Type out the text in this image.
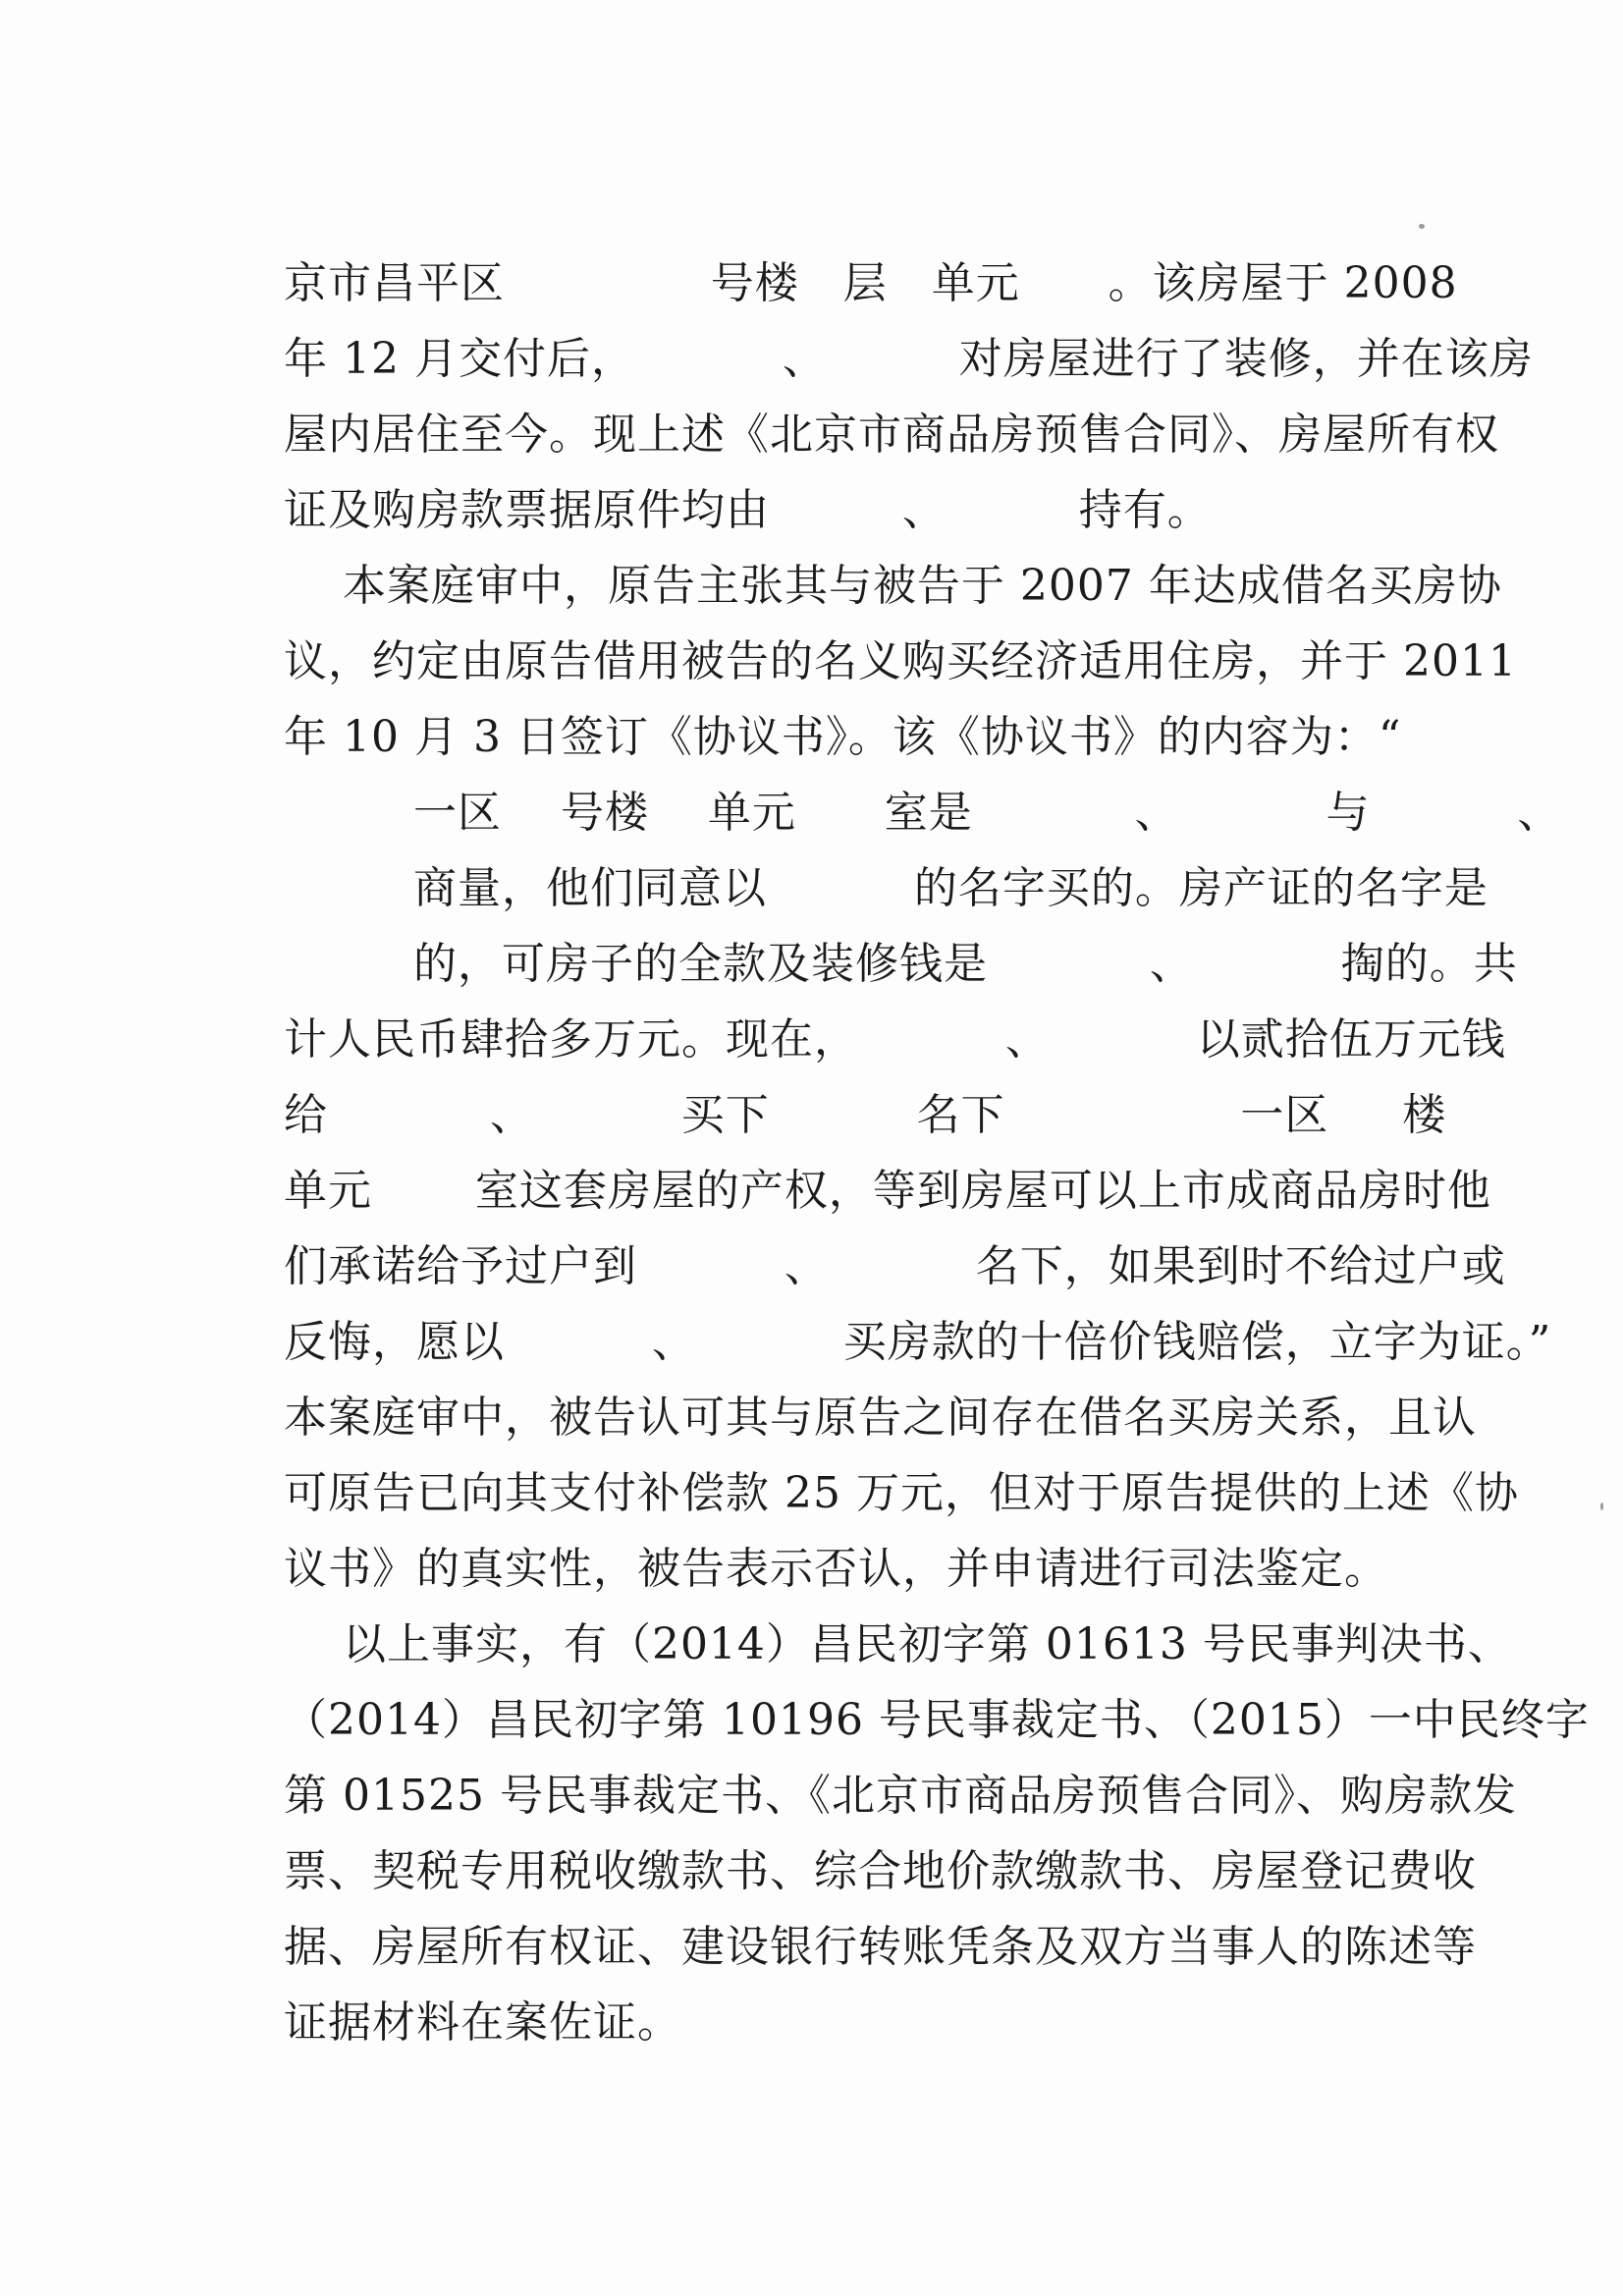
京市昌平区              号楼   层   单元      。该房屋于 2008
年 12 月交付后，          、         对房屋进行了装修，并在该房
屋内居住至今。现上述《北京市商品房预售合同》、房屋所有权
证及购房款票据原件均由         、         持有。
本案庭审中，原告主张其与被告于 2007 年达成借名买房协
议，约定由原告借用被告的名义购买经济适用住房，并于 2011
年 10 月 3 日签订《协议书》。该《协议书》的内容为：“
一区    号楼    单元      室是           、          与          、
商量，他们同意以          的名字买的。房产证的名字是
的，可房子的全款及装修钱是           、          掏的。共
计人民币肆拾多万元。现在，          、          以贰拾伍万元钱
给           、          买下          名下                一区     楼
单元       室这套房屋的产权，等到房屋可以上市成商品房时他
们承诺给予过户到          、          名下，如果到时不给过户或
反悔，愿以          、          买房款的十倍价钱赔偿，立字为证。”
本案庭审中，被告认可其与原告之间存在借名买房关系，且认
可原告已向其支付补偿款 25 万元，但对于原告提供的上述《协
议书》的真实性，被告表示否认，并申请进行司法鉴定。
以上事实，有（2014）昌民初字第 01613 号民事判决书、
（2014）昌民初字第 10196 号民事裁定书、（2015）一中民终字
第 01525 号民事裁定书、《北京市商品房预售合同》、购房款发
票、契税专用税收缴款书、综合地价款缴款书、房屋登记费收
据、房屋所有权证、建设银行转账凭条及双方当事人的陈述等
证据材料在案佐证。
